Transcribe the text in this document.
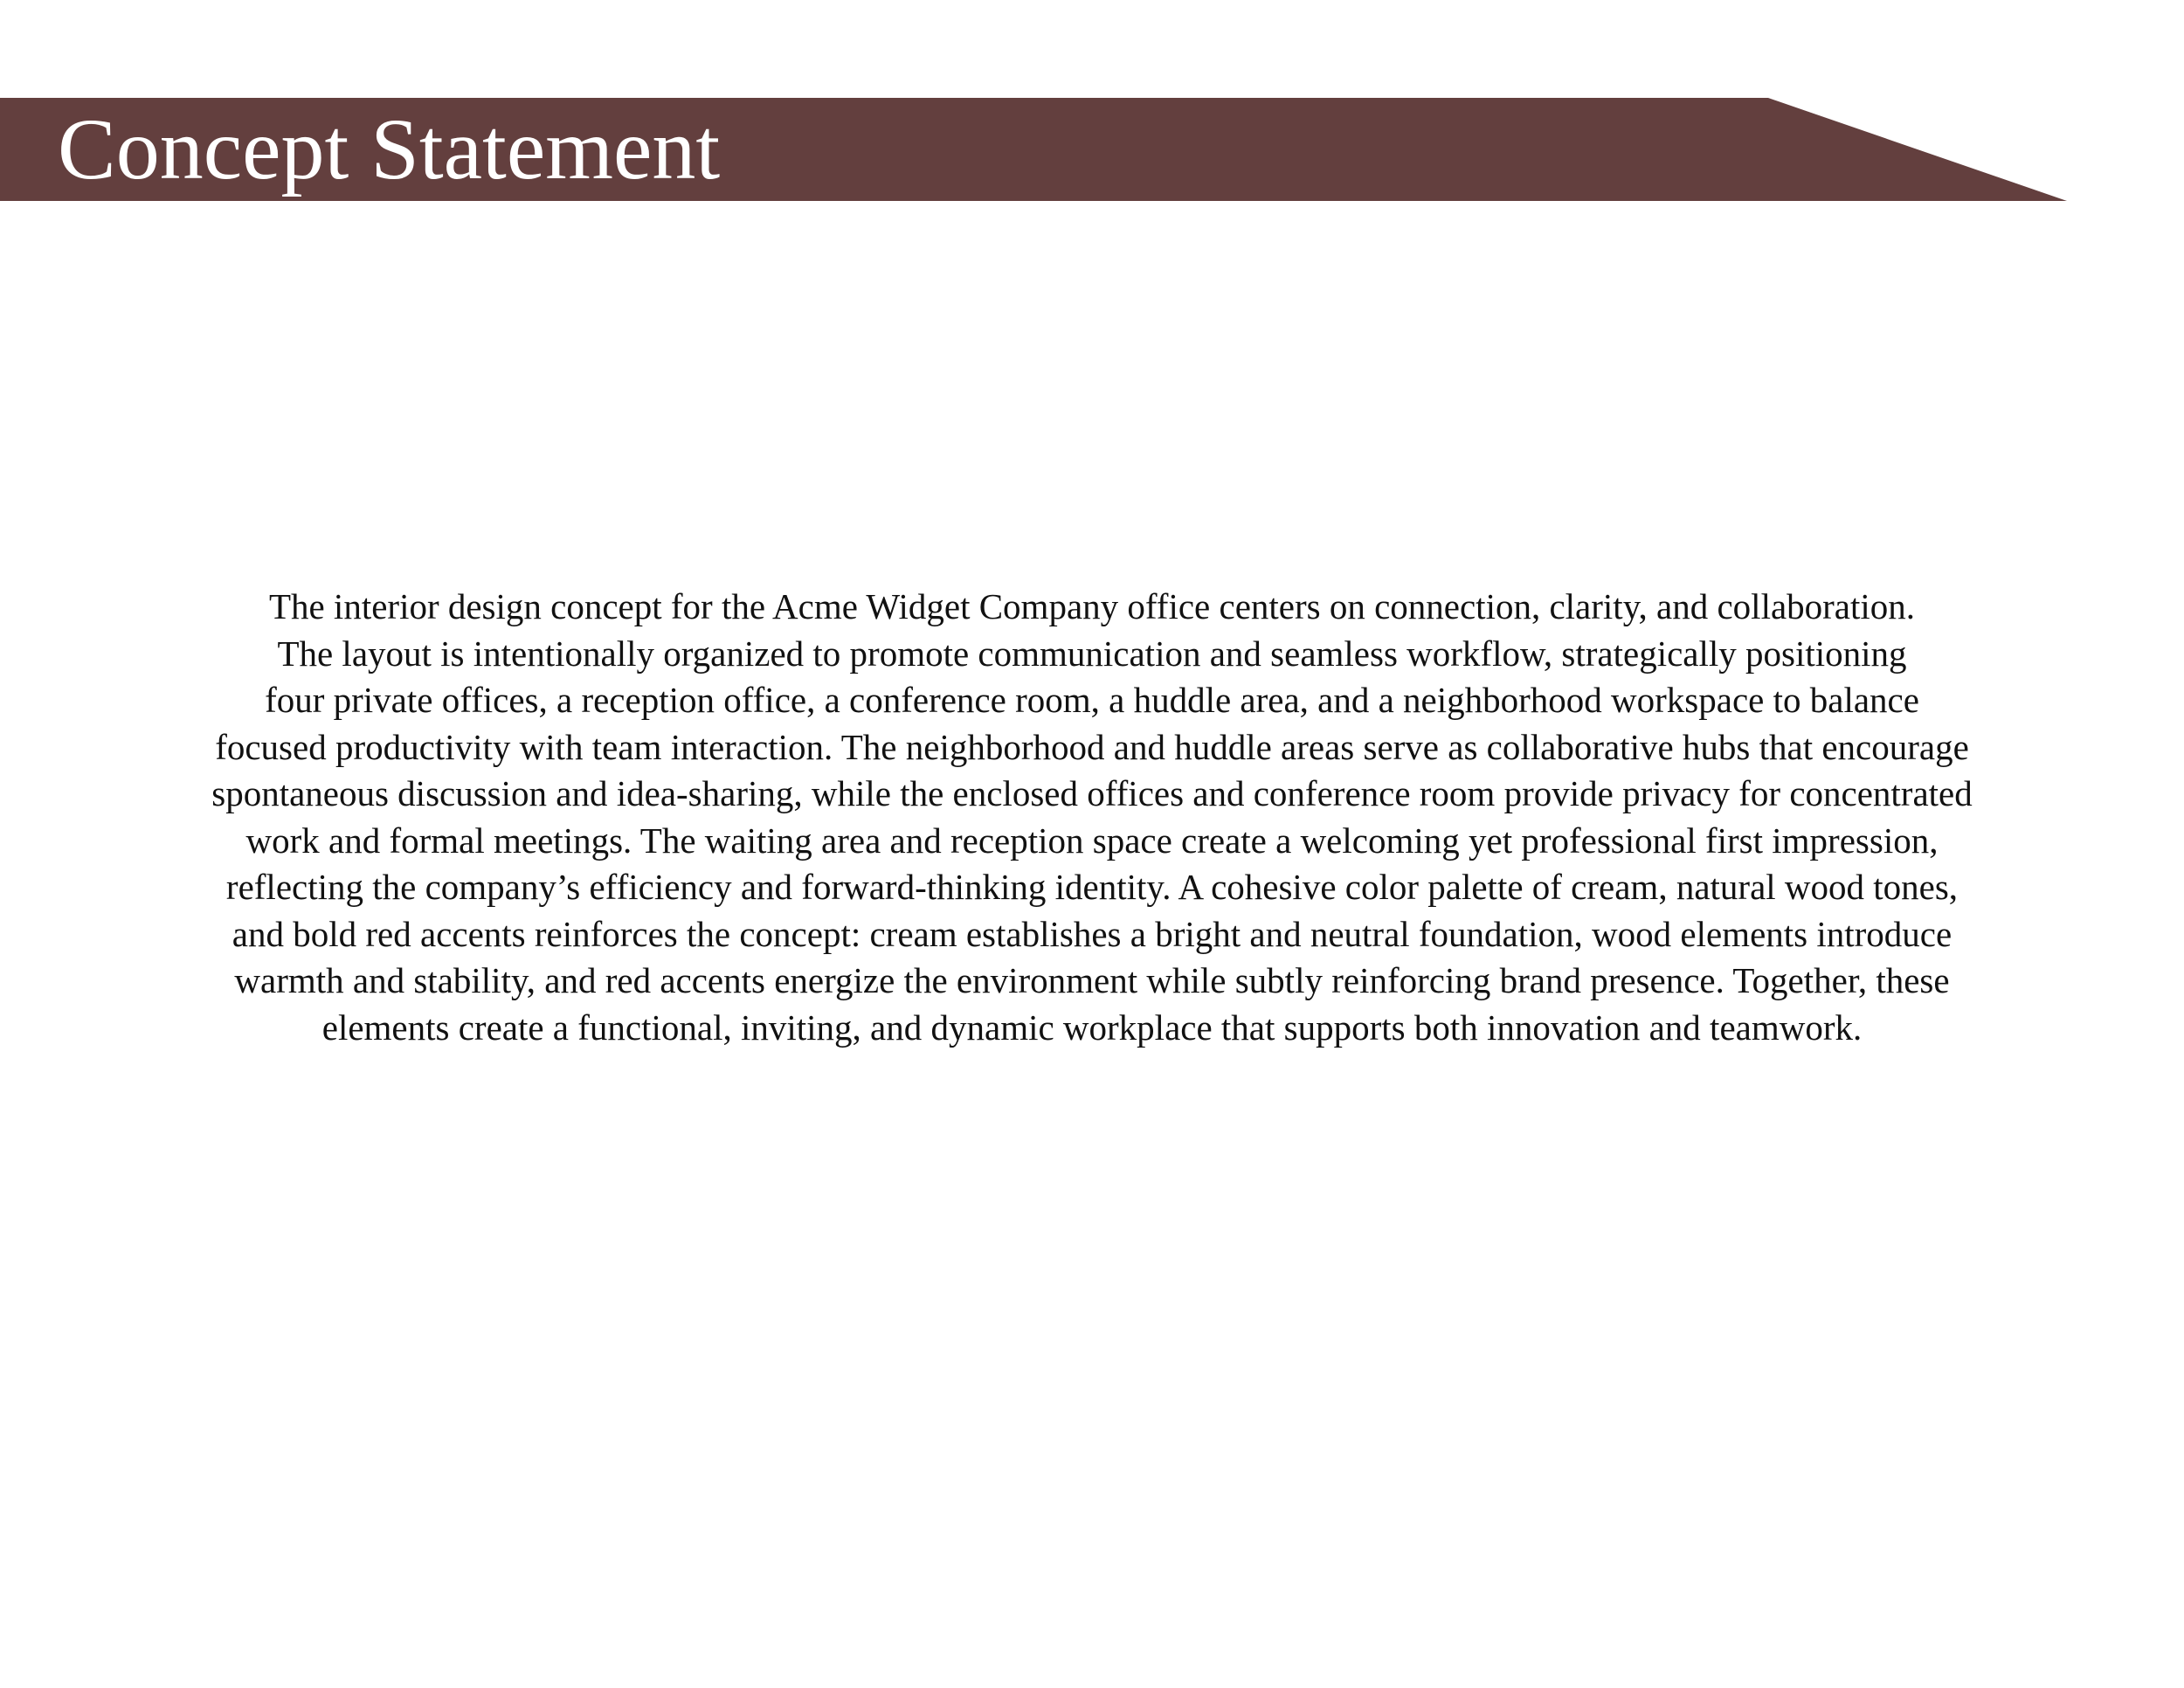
Concept Statement

The interior design concept for the Acme Widget Company office centers on connection, clarity, and collaboration.
The layout is intentionally organized to promote communication and seamless workflow, strategically positioning
four private offices, a reception office, a conference room, a huddle area, and a neighborhood workspace to balance
focused productivity with team interaction. The neighborhood and huddle areas serve as collaborative hubs that encourage
spontaneous discussion and idea-sharing, while the enclosed offices and conference room provide privacy for concentrated
work and formal meetings. The waiting area and reception space create a welcoming yet professional first impression,
reflecting the company’s efficiency and forward-thinking identity. A cohesive color palette of cream, natural wood tones,
and bold red accents reinforces the concept: cream establishes a bright and neutral foundation, wood elements introduce
warmth and stability, and red accents energize the environment while subtly reinforcing brand presence. Together, these
elements create a functional, inviting, and dynamic workplace that supports both innovation and teamwork.
